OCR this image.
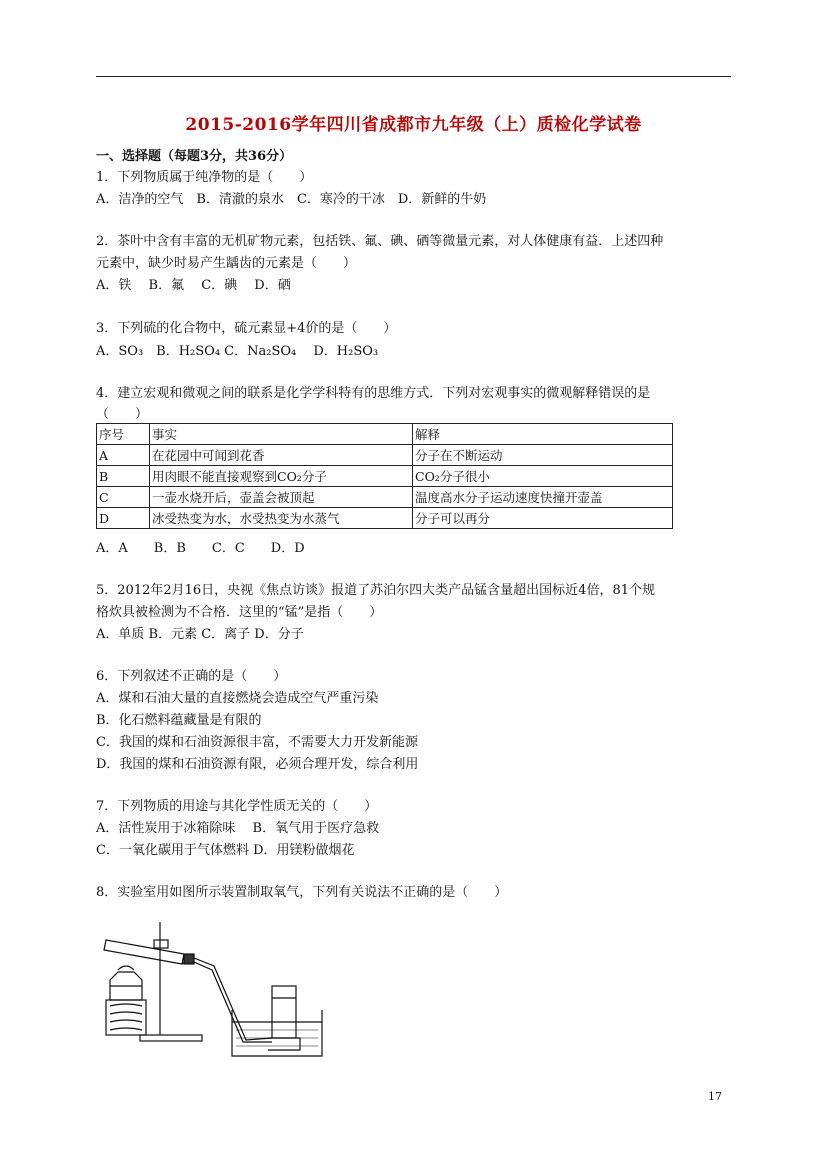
2015-2016学年四川省成都市九年级（上）质检化学试卷
一、选择题（每题3分，共36分）
1．下列物质属于纯净物的是（　　）
A．洁净的空气　B．清澈的泉水　C．寒冷的干冰　D．新鲜的牛奶
2．茶叶中含有丰富的无机矿物元素，包括铁、氟、碘、硒等微量元素，对人体健康有益．上述四种
元素中，缺少时易产生龋齿的元素是（　　）
A．铁　 B．氟　 C．碘　 D．硒
3．下列硫的化合物中，硫元素显+4价的是（　　）
A．SO₃　B．H₂SO₄ C．Na₂SO₄　 D．H₂SO₃
4．建立宏观和微观之间的联系是化学学科特有的思维方式．下列对宏观事实的微观解释错误的是
（　　）
序号	事实	解释
A	在花园中可闻到花香	分子在不断运动
B	用肉眼不能直接观察到CO₂分子	CO₂分子很小
C	一壶水烧开后，壶盖会被顶起	温度高水分子运动速度快撞开壶盖
D	冰受热变为水，水受热变为水蒸气	分子可以再分
A．A　　B．B　　C．C　　D．D
5．2012年2月16日，央视《焦点访谈》报道了苏泊尔四大类产品锰含量超出国标近4倍，81个规
格炊具被检测为不合格．这里的“锰”是指（　　）
A．单质 B．元素 C．离子 D．分子
6．下列叙述不正确的是（　　）
A．煤和石油大量的直接燃烧会造成空气严重污染
B．化石燃料蕴藏量是有限的
C．我国的煤和石油资源很丰富，不需要大力开发新能源
D．我国的煤和石油资源有限，必须合理开发，综合利用
7．下列物质的用途与其化学性质无关的（　　）
A．活性炭用于冰箱除味　 B．氧气用于医疗急救
C．一氧化碳用于气体燃料 D．用镁粉做烟花
8．实验室用如图所示装置制取氧气，下列有关说法不正确的是（　　）
17
